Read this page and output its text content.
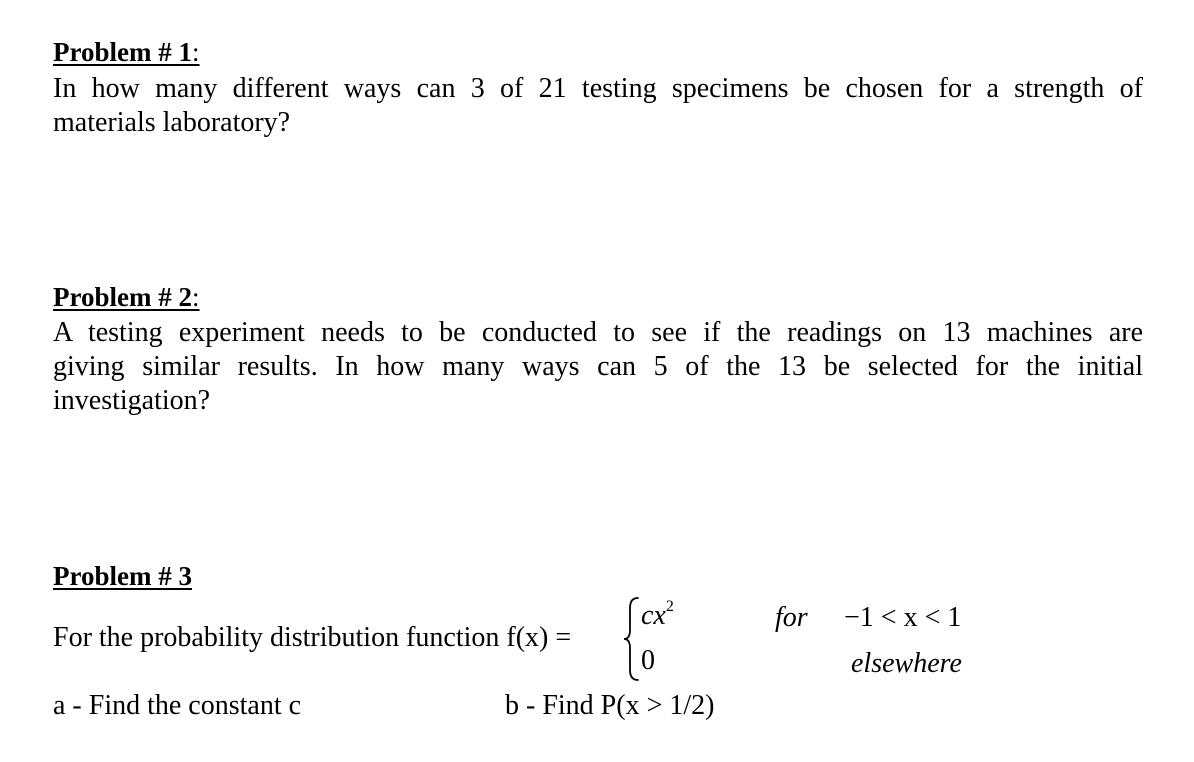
Problem # 1:
In how many different ways can 3 of 21 testing specimens be chosen for a strength of
materials laboratory?
Problem # 2:
A testing experiment needs to be conducted to see if the readings on 13 machines are
giving similar results. In how many ways can 5 of the 13 be selected for the initial
investigation?
Problem # 3
For the probability distribution function f(x) =
$cx^2$
0
for −1 < x < 1
elsewhere
a - Find the constant c	b - Find P(x > 1/2)
